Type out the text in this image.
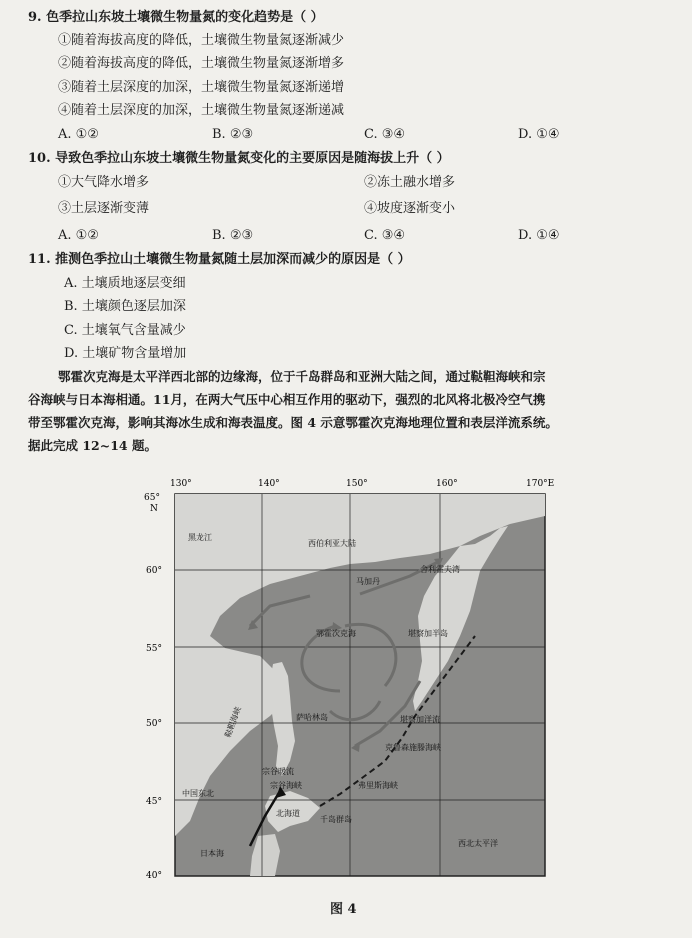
9. 色季拉山东坡土壤微生物量氮的变化趋势是（ ）
①随着海拔高度的降低，土壤微生物量氮逐渐减少
②随着海拔高度的降低，土壤微生物量氮逐渐增多
③随着土层深度的加深，土壤微生物量氮逐渐递增
④随着土层深度的加深，土壤微生物量氮逐渐递减
A. ①②	B. ②③	C. ③④	D. ①④
10. 导致色季拉山东坡土壤微生物量氮变化的主要原因是随海拔上升（ ）
①大气降水增多	②冻土融水增多
③土层逐渐变薄	④坡度逐渐变小
A. ①②	B. ②③	C. ③④	D. ①④
11. 推测色季拉山土壤微生物量氮随土层加深而减少的原因是（ ）
A. 土壤质地逐层变细
B. 土壤颜色逐层加深
C. 土壤氧气含量减少
D. 土壤矿物含量增加
鄂霍次克海是太平洋西北部的边缘海，位于千岛群岛和亚洲大陆之间，通过鞑靼海峡和宗
谷海峡与日本海相通。11月，在两大气压中心相互作用的驱动下，强烈的北风将北极冷空气携
带至鄂霍次克海，影响其海冰生成和海表温度。图 4 示意鄂霍次克海地理位置和表层洋流系统。
据此完成 12~14 题。
130°	140°	150°	160°	170°E
65°
N
60°
55°
50°
45°
40°
黑龙江
西伯利亚大陆
马加丹
舍利霍夫湾
鄂霍次克海	堪察加半岛
萨哈林岛	堪察加洋流
克鲁森施滕海峡
鞑靼海峡
宗谷海峡
北海道
千岛群岛
日本海
西北太平洋
弗里斯海峡
中国东北
宗谷暖流
图 4
